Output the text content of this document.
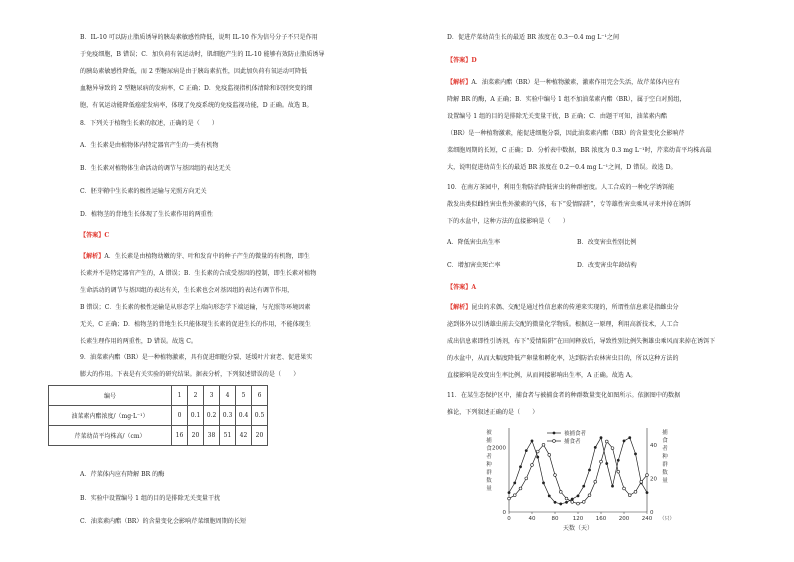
B．IL-10 可以防止脂质诱导的胰岛素敏感性降低，说明 IL-10 作为信号分子不只是作用

于免疫细胞，B 错误；C．加负荷有氧运动时，肌细胞产生的 IL-10 能够有效防止脂质诱导

的胰岛素敏感性降低，而 2 型糖尿病是由于胰岛素抗性，因此加负荷有氧运动可降低

血糖异导致的 2 型糖尿病的发病率，C 正确；D．免疫监视指机体清除和识别突变的细

胞，有氧运动能降低癌症发病率，体现了免疫系统的免疫监视功能，D 正确。故选 B。

8．下列关于植物生长素的叙述，正确的是（　　）

A．生长素是由植物体内特定器官产生的一类有机物

B．生长素对植物体生命活动的调节与基因组的表达无关

C．胚芽鞘中生长素的极性运输与光照方向无关

D．植物茎的背地生长体现了生长素作用的两重性

【答案】C

【解析】A．生长素是由植物幼嫩的芽、叶和发育中的种子产生的微量的有机物，即生

长素并不是特定器官产生的，A 错误；B．生长素的合成受基因的控制，即生长素对植物

生命活动的调节与基因组的表达有关，生长素也会对基因组的表达有调节作用，

B 错误；C．生长素的极性运输是从形态学上端向形态学下端运输，与光照等环境因素

无关，C 正确；D．植物茎的背地生长只能体现生长素的促进生长的作用，不能体现生

长素生理作用的两重性，D 错误。故选 C。

9．油菜素内酯（BR）是一种植物激素，具有促进细胞分裂、延缓叶片衰老、促进果实

膨大的作用。下表是有关实验的研究结果。据表分析，下列叙述错误的是（　　）

A．芹菜体内应有降解 BR 的酶

B．实验中设置编号 1 组的目的是排除无关变量干扰

C．油菜素内酯（BR）的含量变化会影响芹菜细胞周期的长短

编号	1	2	3	4	5	6
油菜素内酯浓度/（mg·L⁻¹）	0	0.1	0.2	0.3	0.4	0.5
芹菜幼苗平均株高/（cm）	16	20	38	51	42	20

D．促进芹菜幼苗生长的最适 BR 浓度在 0.3～0.4 mg L⁻¹之间

【答案】D

【解析】A．油菜素内酯（BR）是一种植物激素，激素作用完会失活，故芹菜体内应有

降解 BR 的酶，A 正确；B．实验中编号 1 组不加油菜素内酯（BR），属于空白对照组，

设置编号 1 组的目的是排除无关变量干扰，B 正确；C．由题干可知，油菜素内酯

（BR）是一种植物激素，能促进细胞分裂，因此油菜素内酯（BR）的含量变化会影响芹

菜细胞周期的长短，C 正确；D．分析表中数据，BR 浓度为 0.3 mg L⁻¹时，芹菜幼苗平均株高最

大，说明促进幼苗生长的最适 BR 浓度在 0.2～0.4 mg L⁻¹之间，D 错误。故选 D。

10．在南方茶园中，利用生物防治降低害虫的种群密度。人工合成的一种化学诱饵能

散发出类似雌性害虫性外激素的气体，布下“爱情陷阱”，专等雄性害虫乘风寻来并掉在诱饵

下的水盆中，这种方法的直接影响是（　　）

A．降低害虫出生率	B．改变害虫性别比例

C．增加害虫死亡率	D．改变害虫年龄结构

【答案】A

【解析】昆虫的求偶、交配是通过性信息素的传递来实现的，所谓性信息素是指雌虫分

泌到体外以引诱雄虫前去交配的微量化学物质。根据这一原理，利用高新技术，人工合

成出信息素即性引诱剂，布下“爱情陷阱”在田间释放后，导致性别比例失衡雄虫乘风而来掉在诱饵下

的水盆中，从而大幅度降低产卵量和孵化率，达到防治农林害虫目的，所以这种方法的

直接影响是改变出生率比例，从而间接影响出生率，A 正确。故选 A。

11．在某生态保护区中，捕食者与被捕食者的种群数量变化如图所示。依据图中的数据

推论，下列叙述正确的是（　　）

0	40	80	120 160 200 240
0
2000
0
20
40
被
捕
食
者
种
群
数
量
捕
食
者
种
群
数
量
天数（天）
（只）
被捕食者
捕食者
